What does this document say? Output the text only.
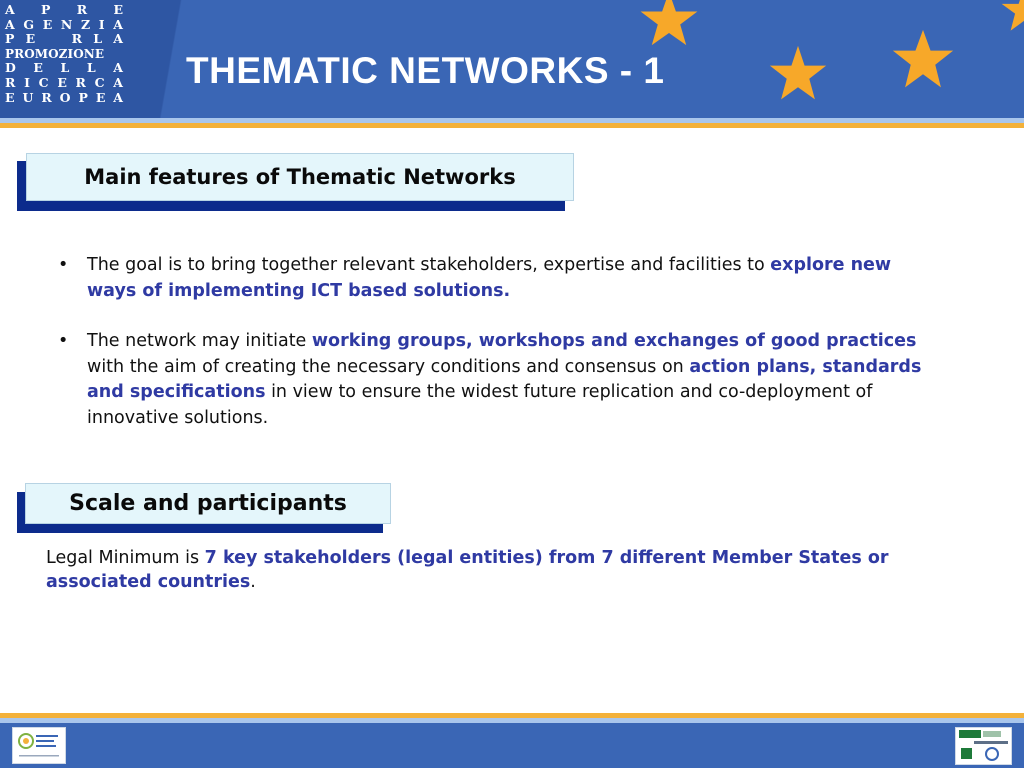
A P R E
A G E N Z I A
P E	R L A
PROMOZIONE
D E L L A
R I C E R C A
E U R O P E A
THEMATIC NETWORKS - 1
Main features of Thematic Networks
• The goal is to bring together relevant stakeholders, expertise and facilities to explore new ways of implementing ICT based solutions.
• The network may initiate working groups, workshops and exchanges of good practices with the aim of creating the necessary conditions and consensus on action plans, standards and specifications in view to ensure the widest future replication and co-deployment of innovative solutions.
Scale and participants

Legal Minimum is 7 key stakeholders (legal entities) from 7 different Member States or associated countries.
